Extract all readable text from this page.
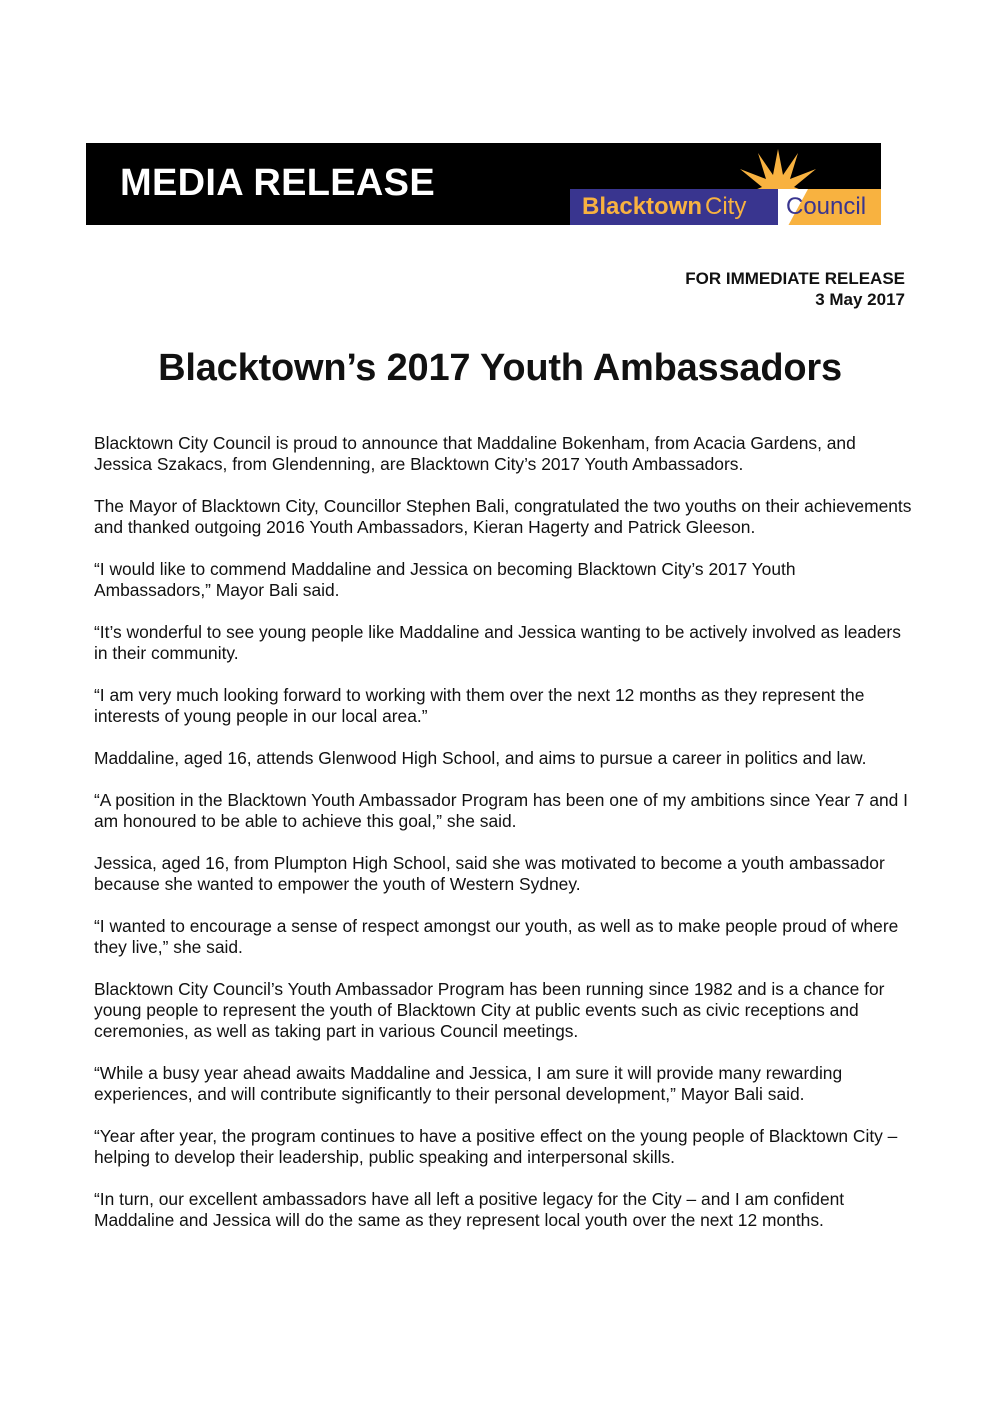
MEDIA RELEASE
Blacktown City Council
FOR IMMEDIATE RELEASE
3 May 2017
Blacktown’s 2017 Youth Ambassadors

Blacktown City Council is proud to announce that Maddaline Bokenham, from Acacia Gardens, and Jessica Szakacs, from Glendenning, are Blacktown City’s 2017 Youth Ambassadors.

The Mayor of Blacktown City, Councillor Stephen Bali, congratulated the two youths on their achievements and thanked outgoing 2016 Youth Ambassadors, Kieran Hagerty and Patrick Gleeson.

“I would like to commend Maddaline and Jessica on becoming Blacktown City’s 2017 Youth Ambassadors,” Mayor Bali said.

“It’s wonderful to see young people like Maddaline and Jessica wanting to be actively involved as leaders in their community.

“I am very much looking forward to working with them over the next 12 months as they represent the interests of young people in our local area.”

Maddaline, aged 16, attends Glenwood High School, and aims to pursue a career in politics and law.

“A position in the Blacktown Youth Ambassador Program has been one of my ambitions since Year 7 and I am honoured to be able to achieve this goal,” she said.

Jessica, aged 16, from Plumpton High School, said she was motivated to become a youth ambassador because she wanted to empower the youth of Western Sydney.

“I wanted to encourage a sense of respect amongst our youth, as well as to make people proud of where they live,” she said.

Blacktown City Council’s Youth Ambassador Program has been running since 1982 and is a chance for young people to represent the youth of Blacktown City at public events such as civic receptions and ceremonies, as well as taking part in various Council meetings.

“While a busy year ahead awaits Maddaline and Jessica, I am sure it will provide many rewarding experiences, and will contribute significantly to their personal development,” Mayor Bali said.

“Year after year, the program continues to have a positive effect on the young people of Blacktown City – helping to develop their leadership, public speaking and interpersonal skills.

“In turn, our excellent ambassadors have all left a positive legacy for the City – and I am confident Maddaline and Jessica will do the same as they represent local youth over the next 12 months.
